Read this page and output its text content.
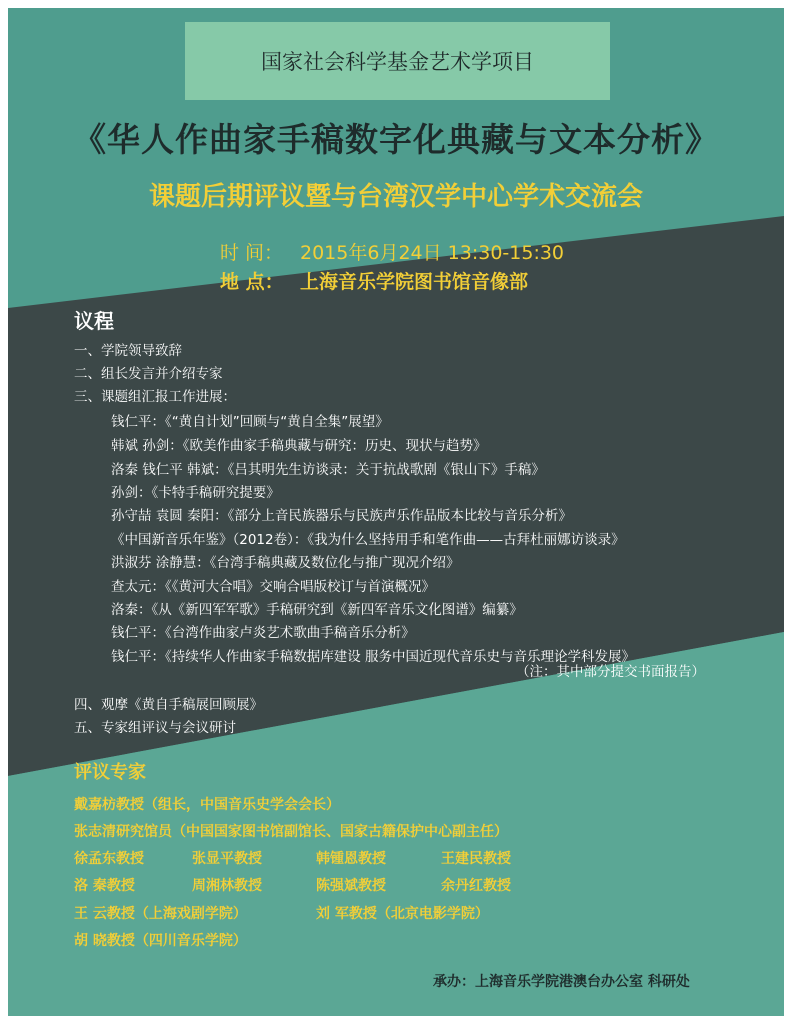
国家社会科学基金艺术学项目
《华人作曲家手稿数字化典藏与文本分析》
课题后期评议暨与台湾汉学中心学术交流会
时 间： 2015年6月24日 13:30-15:30
地 点： 上海音乐学院图书馆音像部
议程
一、学院领导致辞
二、组长发言并介绍专家
三、课题组汇报工作进展：
钱仁平：《“黄自计划”回顾与“黄自全集”展望》
韩斌 孙剑：《欧美作曲家手稿典藏与研究：历史、现状与趋势》
洛秦 钱仁平 韩斌：《吕其明先生访谈录：关于抗战歌剧《银山下》手稿》
孙剑：《卡特手稿研究提要》
孙守喆 袁圆 秦阳：《部分上音民族器乐与民族声乐作品版本比较与音乐分析》
《中国新音乐年鉴》（2012卷）：《我为什么坚持用手和笔作曲——古拜杜丽娜访谈录》
洪淑芬 涂静慧：《台湾手稿典藏及数位化与推广现况介绍》
查太元：《《黄河大合唱》交响合唱版校订与首演概况》
洛秦：《从《新四军军歌》手稿研究到《新四军音乐文化图谱》编纂》
钱仁平：《台湾作曲家卢炎艺术歌曲手稿音乐分析》
钱仁平：《持续华人作曲家手稿数据库建设 服务中国近现代音乐史与音乐理论学科发展》
四、观摩《黄自手稿展回顾展》
五、专家组评议与会议研讨
（注：其中部分提交书面报告）
评议专家
戴嘉枋教授（组长，中国音乐史学会会长）
张志清研究馆员（中国国家图书馆副馆长、国家古籍保护中心副主任）
徐孟东教授	张显平教授	韩锺恩教授	王建民教授
洛 秦教授	周湘林教授	陈强斌教授	余丹红教授
王 云教授（上海戏剧学院）	刘 军教授（北京电影学院）
胡 晓教授（四川音乐学院）
承办：上海音乐学院港澳台办公室 科研处
